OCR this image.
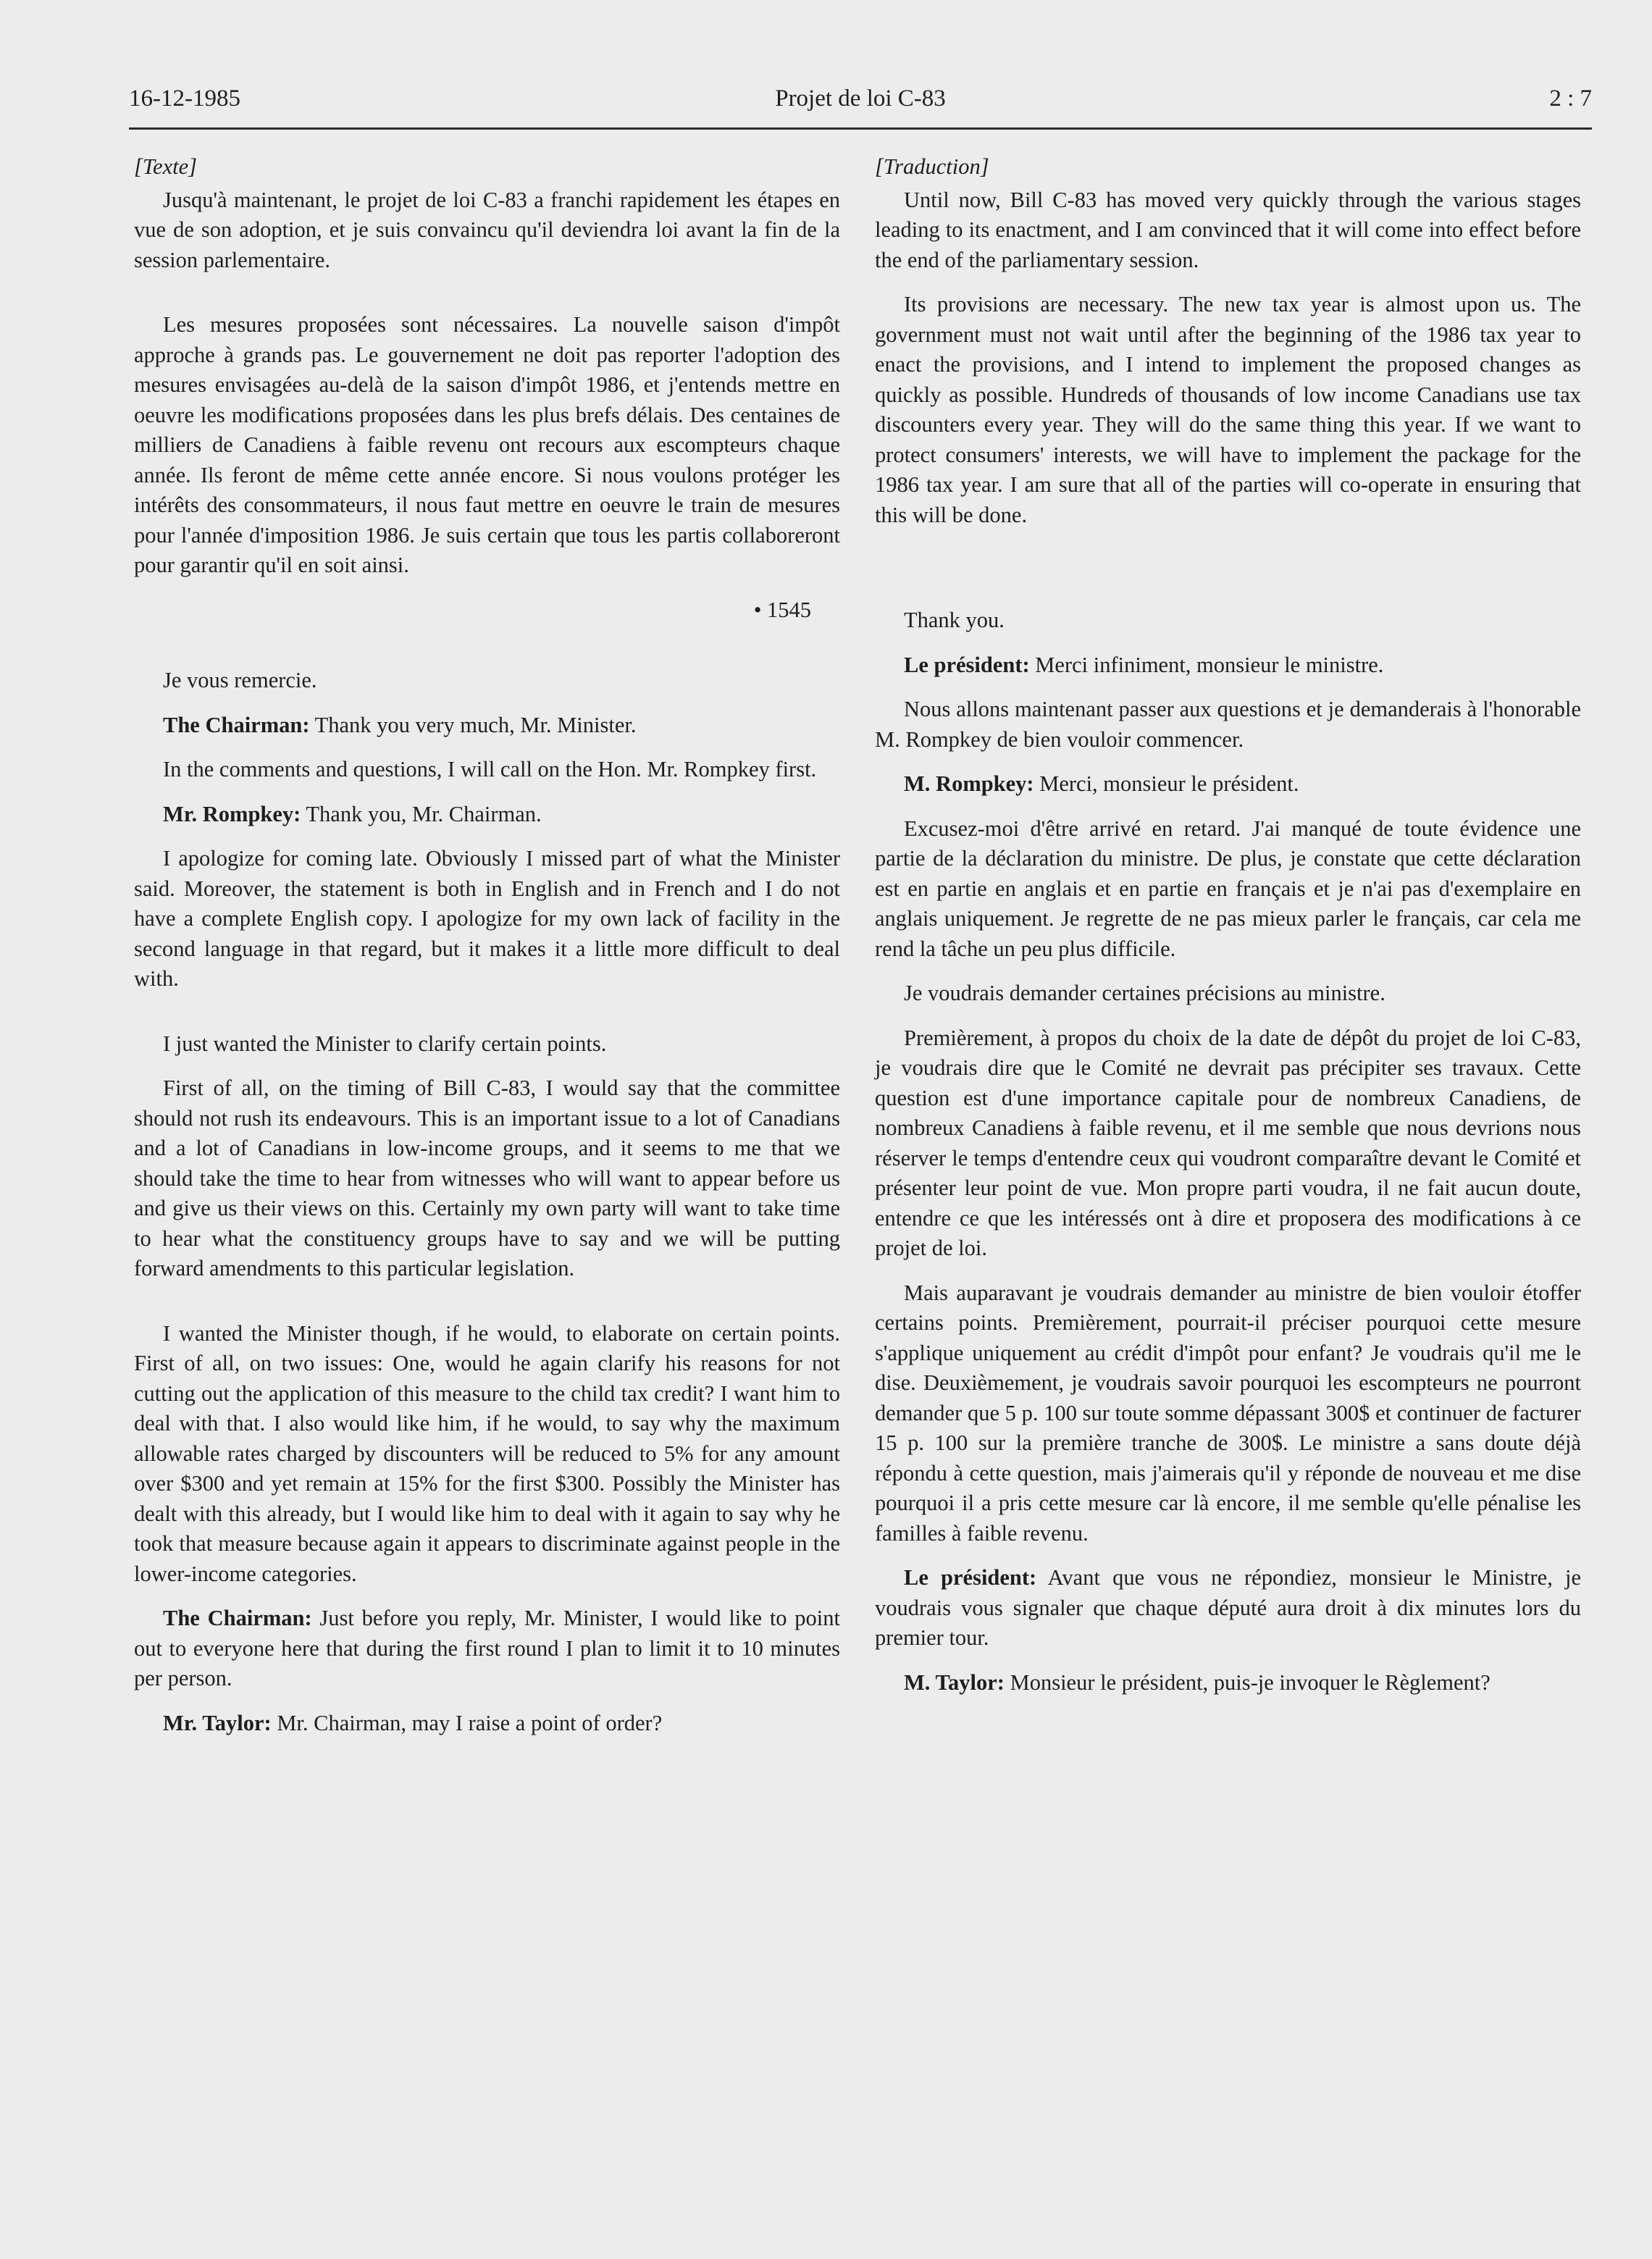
16-12-1985	Projet de loi C-83	2 : 7

[Texte]

Jusqu'à maintenant, le projet de loi C-83 a franchi rapidement les étapes en vue de son adoption, et je suis convaincu qu'il deviendra loi avant la fin de la session parlementaire.

Les mesures proposées sont nécessaires. La nouvelle saison d'impôt approche à grands pas. Le gouvernement ne doit pas reporter l'adoption des mesures envisagées au-delà de la saison d'impôt 1986, et j'entends mettre en oeuvre les modifications proposées dans les plus brefs délais. Des centaines de milliers de Canadiens à faible revenu ont recours aux escompteurs chaque année. Ils feront de même cette année encore. Si nous voulons protéger les intérêts des consommateurs, il nous faut mettre en oeuvre le train de mesures pour l'année d'imposition 1986. Je suis certain que tous les partis collaboreront pour garantir qu'il en soit ainsi.

• 1545

Je vous remercie.

The Chairman: Thank you very much, Mr. Minister.

In the comments and questions, I will call on the Hon. Mr. Rompkey first.

Mr. Rompkey: Thank you, Mr. Chairman.

I apologize for coming late. Obviously I missed part of what the Minister said. Moreover, the statement is both in English and in French and I do not have a complete English copy. I apologize for my own lack of facility in the second language in that regard, but it makes it a little more difficult to deal with.

I just wanted the Minister to clarify certain points.

First of all, on the timing of Bill C-83, I would say that the committee should not rush its endeavours. This is an important issue to a lot of Canadians and a lot of Canadians in low-income groups, and it seems to me that we should take the time to hear from witnesses who will want to appear before us and give us their views on this. Certainly my own party will want to take time to hear what the constituency groups have to say and we will be putting forward amendments to this particular legislation.

I wanted the Minister though, if he would, to elaborate on certain points. First of all, on two issues: One, would he again clarify his reasons for not cutting out the application of this measure to the child tax credit? I want him to deal with that. I also would like him, if he would, to say why the maximum allowable rates charged by discounters will be reduced to 5% for any amount over $300 and yet remain at 15% for the first $300. Possibly the Minister has dealt with this already, but I would like him to deal with it again to say why he took that measure because again it appears to discriminate against people in the lower-income categories.

The Chairman: Just before you reply, Mr. Minister, I would like to point out to everyone here that during the first round I plan to limit it to 10 minutes per person.

Mr. Taylor: Mr. Chairman, may I raise a point of order?

[Traduction]

Until now, Bill C-83 has moved very quickly through the various stages leading to its enactment, and I am convinced that it will come into effect before the end of the parliamentary session.

Its provisions are necessary. The new tax year is almost upon us. The government must not wait until after the beginning of the 1986 tax year to enact the provisions, and I intend to implement the proposed changes as quickly as possible. Hundreds of thousands of low income Canadians use tax discounters every year. They will do the same thing this year. If we want to protect consumers' interests, we will have to implement the package for the 1986 tax year. I am sure that all of the parties will co-operate in ensuring that this will be done.

Thank you.

Le président: Merci infiniment, monsieur le ministre.

Nous allons maintenant passer aux questions et je demanderais à l'honorable M. Rompkey de bien vouloir commencer.

M. Rompkey: Merci, monsieur le président.

Excusez-moi d'être arrivé en retard. J'ai manqué de toute évidence une partie de la déclaration du ministre. De plus, je constate que cette déclaration est en partie en anglais et en partie en français et je n'ai pas d'exemplaire en anglais uniquement. Je regrette de ne pas mieux parler le français, car cela me rend la tâche un peu plus difficile.

Je voudrais demander certaines précisions au ministre.

Premièrement, à propos du choix de la date de dépôt du projet de loi C-83, je voudrais dire que le Comité ne devrait pas précipiter ses travaux. Cette question est d'une importance capitale pour de nombreux Canadiens, de nombreux Canadiens à faible revenu, et il me semble que nous devrions nous réserver le temps d'entendre ceux qui voudront comparaître devant le Comité et présenter leur point de vue. Mon propre parti voudra, il ne fait aucun doute, entendre ce que les intéressés ont à dire et proposera des modifications à ce projet de loi.

Mais auparavant je voudrais demander au ministre de bien vouloir étoffer certains points. Premièrement, pourrait-il préciser pourquoi cette mesure s'applique uniquement au crédit d'impôt pour enfant? Je voudrais qu'il me le dise. Deuxièmement, je voudrais savoir pourquoi les escompteurs ne pourront demander que 5 p. 100 sur toute somme dépassant 300$ et continuer de facturer 15 p. 100 sur la première tranche de 300$. Le ministre a sans doute déjà répondu à cette question, mais j'aimerais qu'il y réponde de nouveau et me dise pourquoi il a pris cette mesure car là encore, il me semble qu'elle pénalise les familles à faible revenu.

Le président: Avant que vous ne répondiez, monsieur le Ministre, je voudrais vous signaler que chaque député aura droit à dix minutes lors du premier tour.

M. Taylor: Monsieur le président, puis-je invoquer le Règlement?
